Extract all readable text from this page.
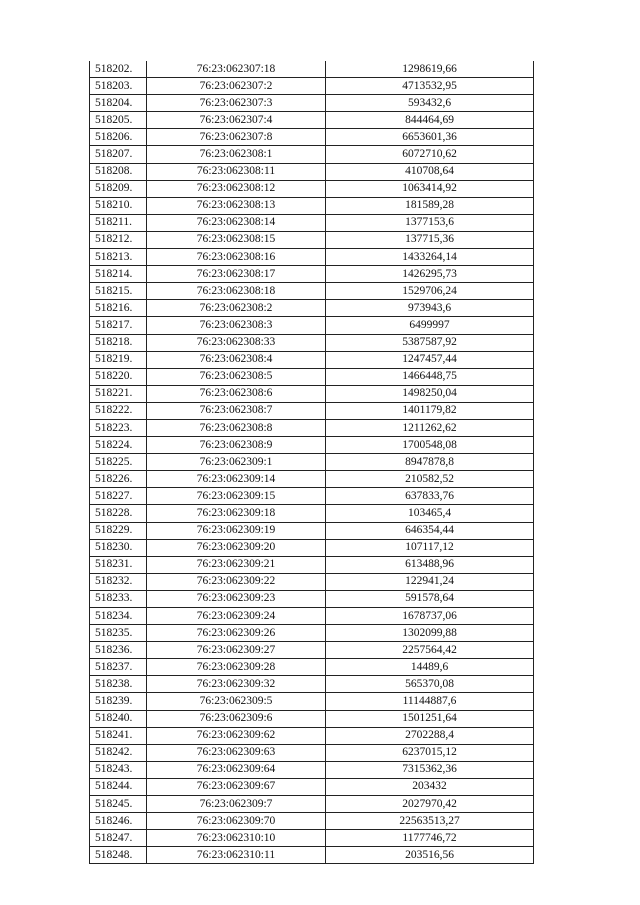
518202.	76:23:062307:18	1298619,66
518203.	76:23:062307:2	4713532,95
518204.	76:23:062307:3	593432,6
518205.	76:23:062307:4	844464,69
518206.	76:23:062307:8	6653601,36
518207.	76:23:062308:1	6072710,62
518208.	76:23:062308:11	410708,64
518209.	76:23:062308:12	1063414,92
518210.	76:23:062308:13	181589,28
518211.	76:23:062308:14	1377153,6
518212.	76:23:062308:15	137715,36
518213.	76:23:062308:16	1433264,14
518214.	76:23:062308:17	1426295,73
518215.	76:23:062308:18	1529706,24
518216.	76:23:062308:2	973943,6
518217.	76:23:062308:3	6499997
518218.	76:23:062308:33	5387587,92
518219.	76:23:062308:4	1247457,44
518220.	76:23:062308:5	1466448,75
518221.	76:23:062308:6	1498250,04
518222.	76:23:062308:7	1401179,82
518223.	76:23:062308:8	1211262,62
518224.	76:23:062308:9	1700548,08
518225.	76:23:062309:1	8947878,8
518226.	76:23:062309:14	210582,52
518227.	76:23:062309:15	637833,76
518228.	76:23:062309:18	103465,4
518229.	76:23:062309:19	646354,44
518230.	76:23:062309:20	107117,12
518231.	76:23:062309:21	613488,96
518232.	76:23:062309:22	122941,24
518233.	76:23:062309:23	591578,64
518234.	76:23:062309:24	1678737,06
518235.	76:23:062309:26	1302099,88
518236.	76:23:062309:27	2257564,42
518237.	76:23:062309:28	14489,6
518238.	76:23:062309:32	565370,08
518239.	76:23:062309:5	11144887,6
518240.	76:23:062309:6	1501251,64
518241.	76:23:062309:62	2702288,4
518242.	76:23:062309:63	6237015,12
518243.	76:23:062309:64	7315362,36
518244.	76:23:062309:67	203432
518245.	76:23:062309:7	2027970,42
518246.	76:23:062309:70	22563513,27
518247.	76:23:062310:10	1177746,72
518248.	76:23:062310:11	203516,56
